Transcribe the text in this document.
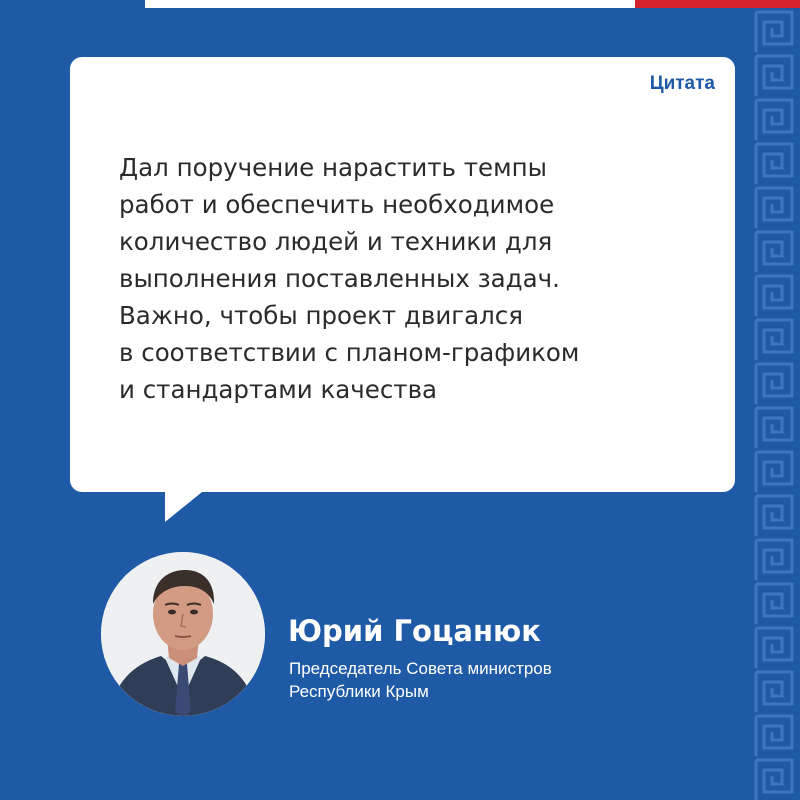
Цитата
Дал поручение нарастить темпы
работ и обеспечить необходимое
количество людей и техники для
выполнения поставленных задач.
Важно, чтобы проект двигался
в соответствии с планом-графиком
и стандартами качества
Юрий Гоцанюк
Председатель Совета министров
Республики Крым
